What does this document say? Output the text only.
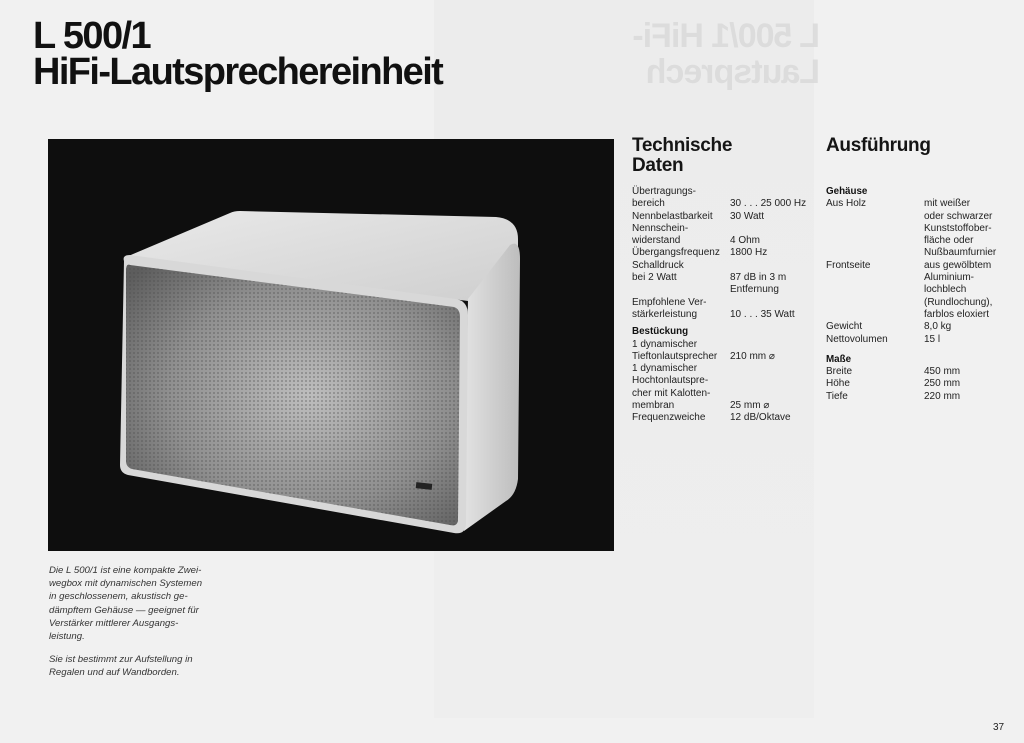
L 500/1 HiFi-Lautsprech
L 500/1
HiFi-Lautsprechereinheit

Die L 500/1 ist eine kompakte Zwei-
wegbox mit dynamischen Systemen
in geschlossenem, akustisch ge-
dämpftem Gehäuse — geeignet für
Verstärker mittlerer Ausgangs-
leistung.

Sie ist bestimmt zur Aufstellung in
Regalen und auf Wandborden.

Technische
Daten
Übertragungs-
bereich	30 . . . 25 000 Hz
Nennbelastbarkeit	30 Watt
Nennschein-
widerstand	4 Ohm
Übergangsfrequenz	1800 Hz
Schalldruck
bei 2 Watt	87 dB in 3 m
Entfernung
Empfohlene Ver-
stärkerleistung	10 . . . 35 Watt
Bestückung
1 dynamischer
Tieftonlautsprecher	210 mm ⌀
1 dynamischer
Hochtonlautspre-
cher mit Kalotten-
membran	25 mm ⌀
Frequenzweiche	12 dB/Oktave
Ausführung
Gehäuse
Aus Holz	mit weißer
oder schwarzer
Kunststoffober-
fläche oder
Nußbaumfurnier
Frontseite	aus gewölbtem
Aluminium-
lochblech
(Rundlochung),
farblos eloxiert
Gewicht	8,0 kg
Nettovolumen	15 l
Maße
Breite	450 mm
Höhe	250 mm
Tiefe	220 mm
37
